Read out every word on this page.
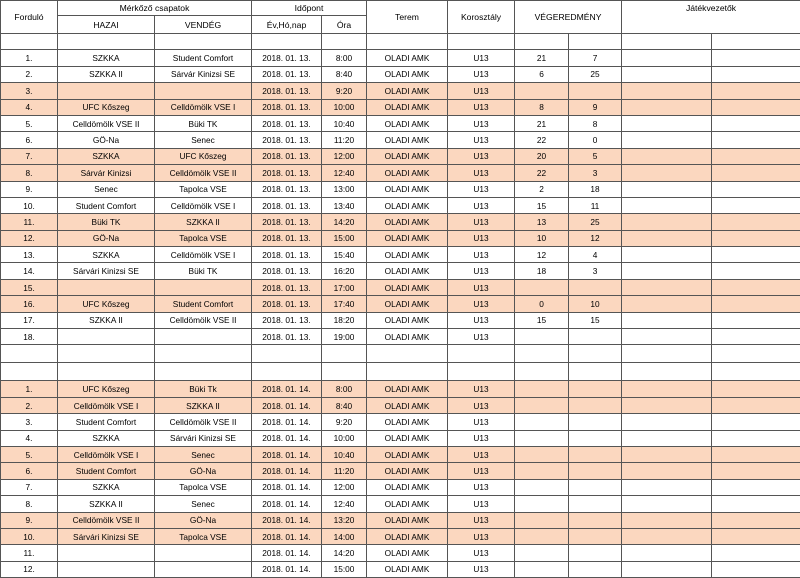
Forduló	Mérkőző csapatok		Időpont		Terem	Korosztály	VÉGEREDMÉNY		Játékvezetők	
	HAZAI	VENDÉG	Év,Hó,nap	Óra						

1.	SZKKA	Student Comfort	2018. 01. 13.	8:00	OLADI AMK	U13	21	7		
2.	SZKKA II	Sárvár Kinizsi SE	2018. 01. 13.	8:40	OLADI AMK	U13	6	25		
3.			2018. 01. 13.	9:20	OLADI AMK	U13				
4.	UFC Kőszeg	Celldömölk VSE I	2018. 01. 13.	10:00	OLADI AMK	U13	8	9		
5.	Celldömölk VSE II	Büki TK	2018. 01. 13.	10:40	OLADI AMK	U13	21	8		
6.	GÖ-Na	Senec	2018. 01. 13.	11:20	OLADI AMK	U13	22	0		
7.	SZKKA	UFC Kőszeg	2018. 01. 13.	12:00	OLADI AMK	U13	20	5		
8.	Sárvár Kinizsi	Celldömölk VSE II	2018. 01. 13.	12:40	OLADI AMK	U13	22	3		
9.	Senec	Tapolca VSE	2018. 01. 13.	13:00	OLADI AMK	U13	2	18		
10.	Student Comfort	Celldömölk VSE I	2018. 01. 13.	13:40	OLADI AMK	U13	15	11		
11.	Büki TK	SZKKA II	2018. 01. 13.	14:20	OLADI AMK	U13	13	25		
12.	GÖ-Na	Tapolca VSE	2018. 01. 13.	15:00	OLADI AMK	U13	10	12		
13.	SZKKA	Celldömölk VSE I	2018. 01. 13.	15:40	OLADI AMK	U13	12	4		
14.	Sárvári Kinizsi SE	Büki TK	2018. 01. 13.	16:20	OLADI AMK	U13	18	3		
15.			2018. 01. 13.	17:00	OLADI AMK	U13				
16.	UFC Kőszeg	Student Comfort	2018. 01. 13.	17:40	OLADI AMK	U13	0	10		
17.	SZKKA II	Celldömölk VSE II	2018. 01. 13.	18:20	OLADI AMK	U13	15	15		
18.			2018. 01. 13.	19:00	OLADI AMK	U13				

1.	UFC Kőszeg	Büki Tk	2018. 01. 14.	8:00	OLADI AMK	U13				
2.	Celldömölk VSE I	SZKKA II	2018. 01. 14.	8:40	OLADI AMK	U13				
3.	Student Comfort	Celldömölk VSE II	2018. 01. 14.	9:20	OLADI AMK	U13				
4.	SZKKA	Sárvári Kinizsi SE	2018. 01. 14.	10:00	OLADI AMK	U13				
5.	Celldömölk VSE I	Senec	2018. 01. 14.	10:40	OLADI AMK	U13				
6.	Student Comfort	GÖ-Na	2018. 01. 14.	11:20	OLADI AMK	U13				
7.	SZKKA	Tapolca VSE	2018. 01. 14.	12:00	OLADI AMK	U13				
8.	SZKKA II	Senec	2018. 01. 14.	12:40	OLADI AMK	U13				
9.	Celldömölk VSE II	GÖ-Na	2018. 01. 14.	13:20	OLADI AMK	U13				
10.	Sárvári Kinizsi SE	Tapolca VSE	2018. 01. 14.	14:00	OLADI AMK	U13				
11.			2018. 01. 14.	14:20	OLADI AMK	U13				
12.			2018. 01. 14.	15:00	OLADI AMK	U13				
